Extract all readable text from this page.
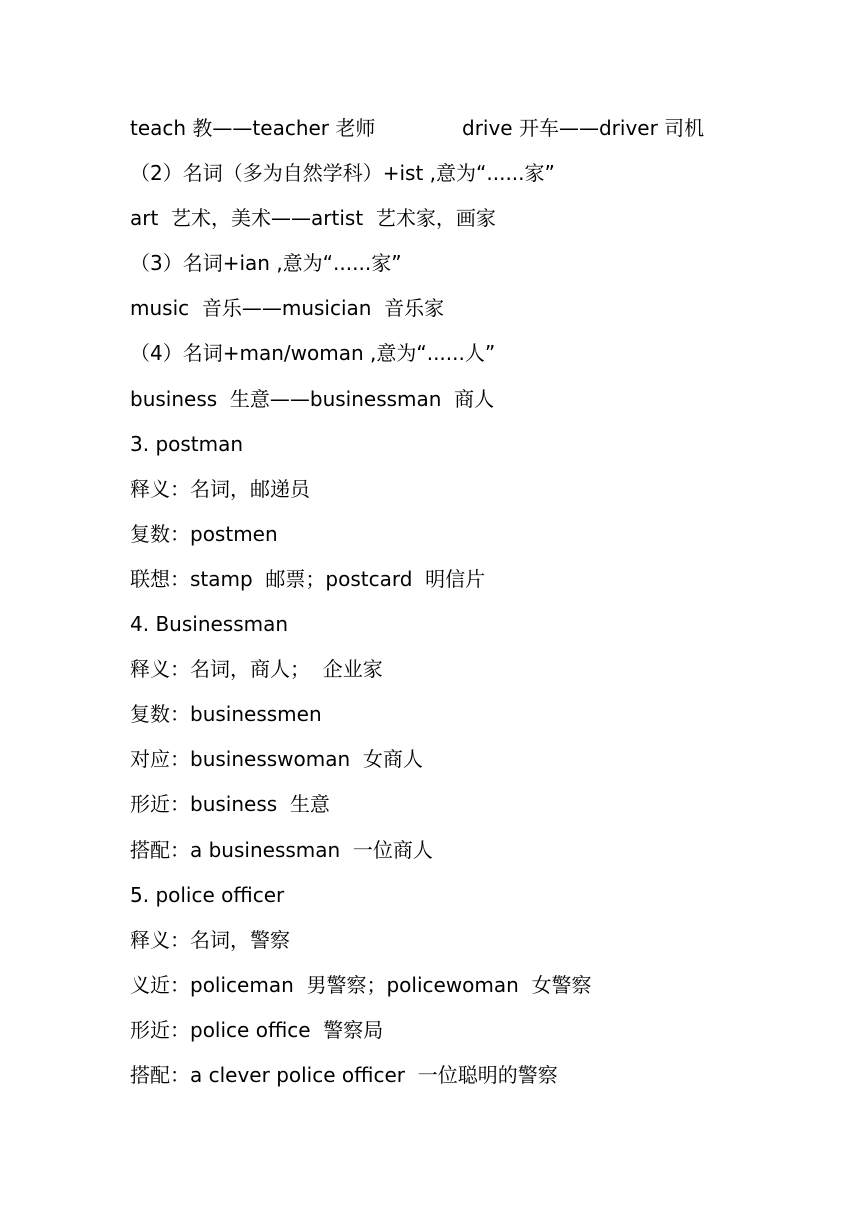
teach 教——teacher 老师	drive 开车——driver 司机
（2）名词（多为自然学科）+ist ,意为“......家”
art  艺术，美术——artist  艺术家，画家
（3）名词+ian ,意为“......家”
music  音乐——musician  音乐家
（4）名词+man/woman ,意为“......人”
business  生意——businessman  商人
3. postman
释义：名词，邮递员
复数：postmen
联想：stamp  邮票；postcard  明信片
4. Businessman
释义：名词，商人；  企业家
复数：businessmen
对应：businesswoman  女商人
形近：business  生意
搭配：a businessman  一位商人
5. police officer
释义：名词，警察
义近：policeman  男警察；policewoman  女警察
形近：police office  警察局
搭配：a clever police officer  一位聪明的警察
